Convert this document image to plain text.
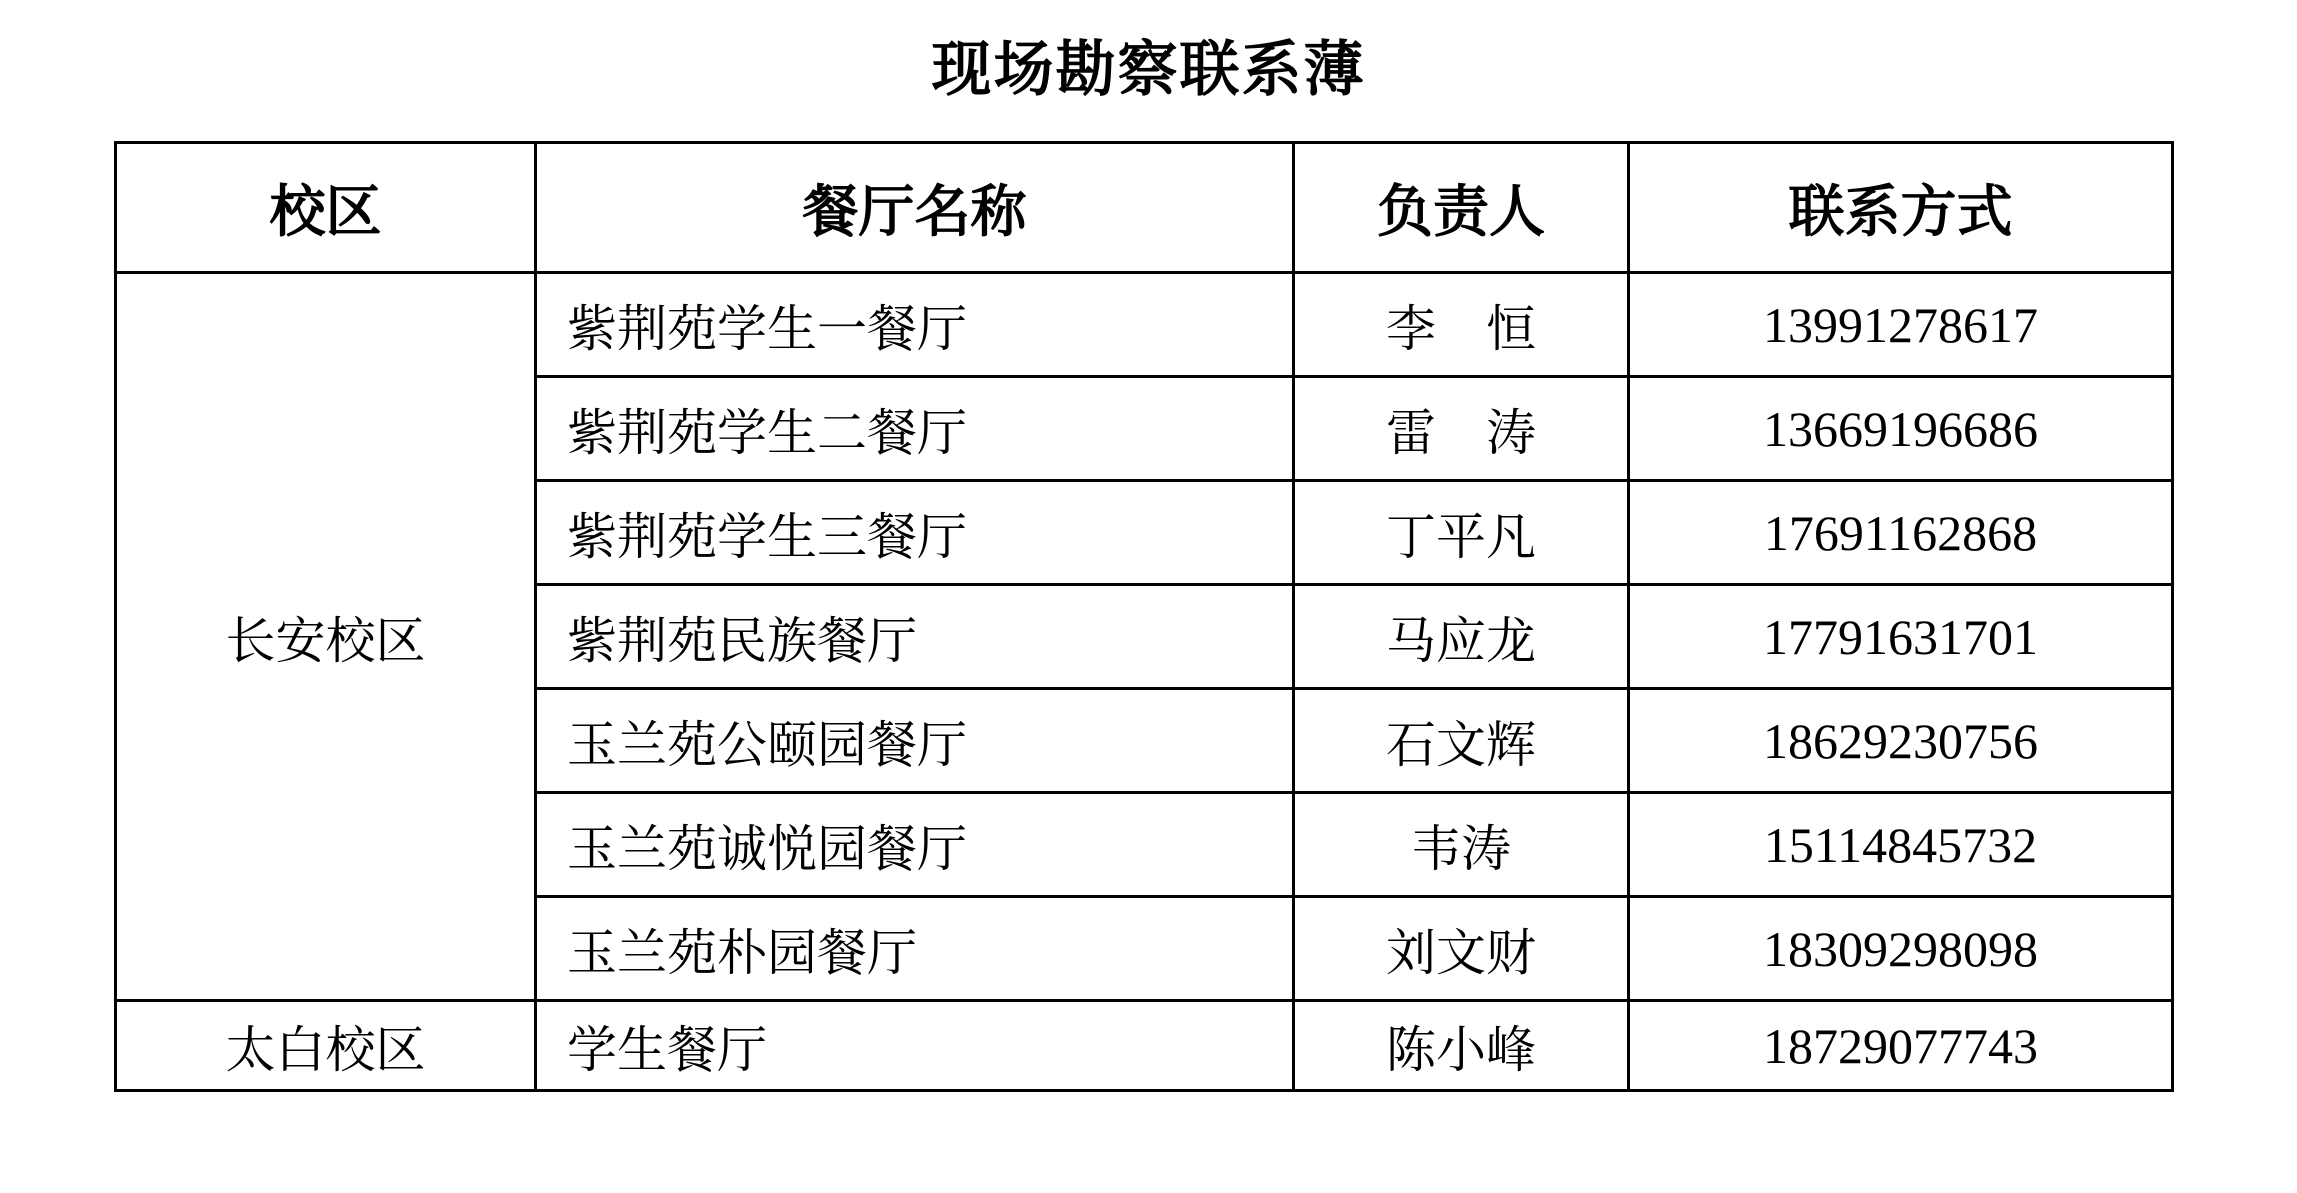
现场勘察联系薄
校区	餐厅名称	负责人	联系方式
长安校区	紫荆苑学生一餐厅	李　恒	13991278617
	紫荆苑学生二餐厅	雷　涛	13669196686
	紫荆苑学生三餐厅	丁平凡	17691162868
	紫荆苑民族餐厅	马应龙	17791631701
	玉兰苑公颐园餐厅	石文辉	18629230756
	玉兰苑诚悦园餐厅	韦涛	15114845732
	玉兰苑朴园餐厅	刘文财	18309298098
太白校区	学生餐厅	陈小峰	18729077743
